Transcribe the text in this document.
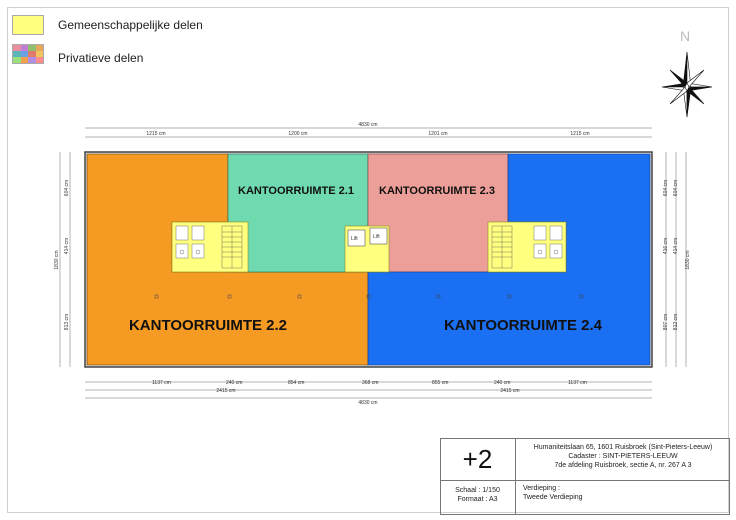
Gemeenschappelijke delen
Privatieve delen
N
4830 cm
1215 cm	1200 cm	1201 cm	1215 cm
1137 cm	240 cm	854 cm	368 cm	855 cm	240 cm	1137 cm
2415 cm	2415 cm
4830 cm
1830 cm
604 cm
414 cm
813 cm
604 cm
416 cm
807 cm
604 cm
414 cm
812 cm
1830 cm
Lift	Lift
KANTOORRUIMTE 2.1 KANTOORRUIMTE 2.3
KANTOORRUIMTE 2.2	KANTOORRUIMTE 2.4
+2	Humaniteitslaan 65, 1601 Ruisbroek (Sint-Pieters-Leeuw)
Cadaster : SINT-PIETERS-LEEUW
7de afdeling Ruisbroek, sectie A, nr. 267 A 3
Schaal : 1/150
Formaat : A3
Verdieping :
Tweede Verdieping
